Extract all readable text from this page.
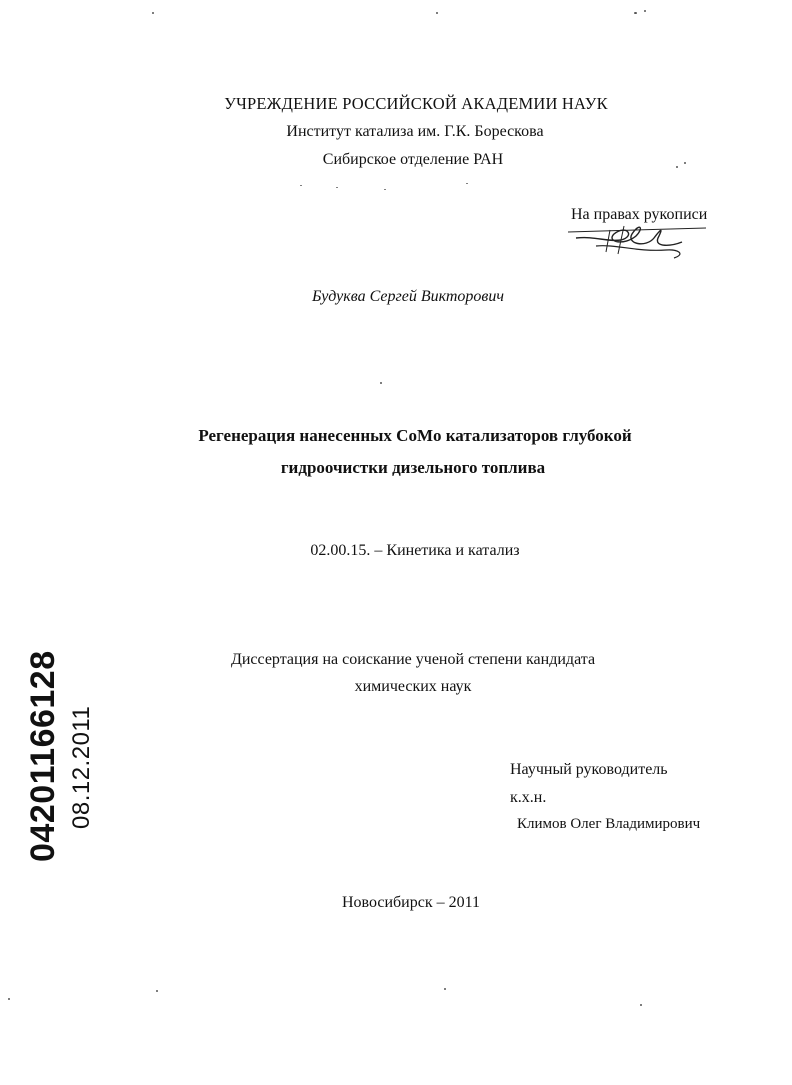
УЧРЕЖДЕНИЕ РОССИЙСКОЙ АКАДЕМИИ НАУК

Институт катализа им. Г.К. Борескова

Сибирское отделение РАН

На правах рукописи

Будуква Сергей Викторович

Регенерация нанесенных CoMo катализаторов глубокой

гидроочистки дизельного топлива

02.00.15. – Кинетика и катализ

Диссертация на соискание ученой степени кандидата

химических наук

Научный руководитель

к.х.н.

Климов Олег Владимирович

Новосибирск – 2011

04201166128 08.12.2011
